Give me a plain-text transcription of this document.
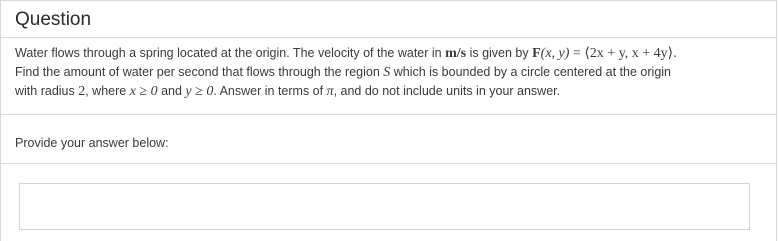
Question
Water flows through a spring located at the origin. The velocity of the water in m/s is given by F(x, y) = ⟨2x + y, x + 4y⟩.
Find the amount of water per second that flows through the region S which is bounded by a circle centered at the origin
with radius 2, where x ≥ 0 and y ≥ 0. Answer in terms of π, and do not include units in your answer.
Provide your answer below:
